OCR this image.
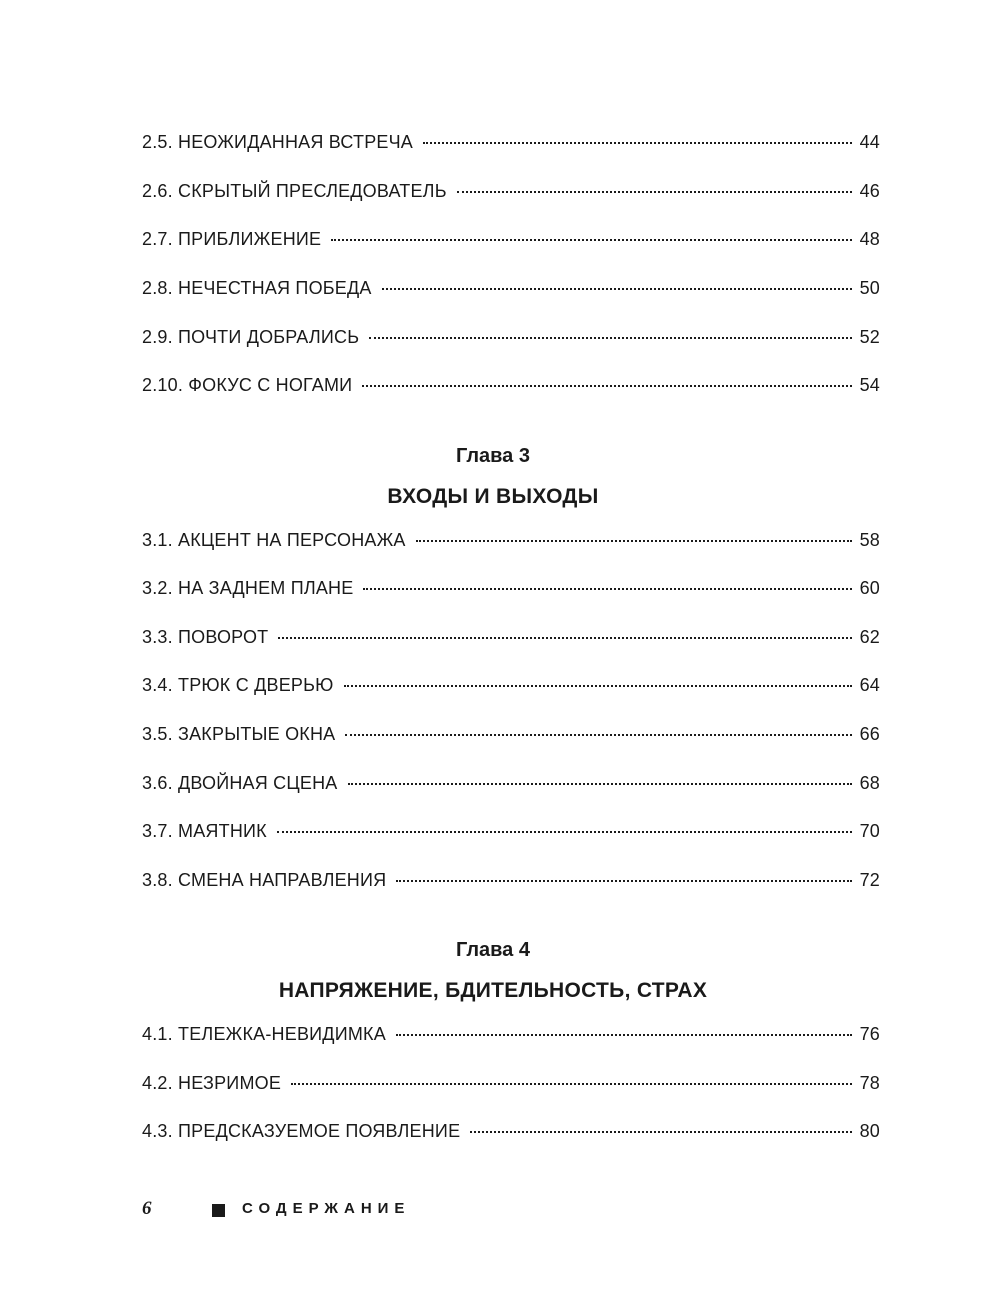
2.5. НЕОЖИДАННАЯ ВСТРЕЧА	44
2.6. СКРЫТЫЙ ПРЕСЛЕДОВАТЕЛЬ	46
2.7. ПРИБЛИЖЕНИЕ	48
2.8. НЕЧЕСТНАЯ ПОБЕДА	50
2.9. ПОЧТИ ДОБРАЛИСЬ	52
2.10. ФОКУС С НОГАМИ	54
Глава 3
ВХОДЫ И ВЫХОДЫ
3.1. АКЦЕНТ НА ПЕРСОНАЖА	58
3.2. НА ЗАДНЕМ ПЛАНЕ	60
3.3. ПОВОРОТ	62
3.4. ТРЮК С ДВЕРЬЮ	64
3.5. ЗАКРЫТЫЕ ОКНА	66
3.6. ДВОЙНАЯ СЦЕНА	68
3.7. МАЯТНИК	70
3.8. СМЕНА НАПРАВЛЕНИЯ	72
Глава 4
НАПРЯЖЕНИЕ, БДИТЕЛЬНОСТЬ, СТРАХ
4.1. ТЕЛЕЖКА-НЕВИДИМКА	76
4.2. НЕЗРИМОЕ	78
4.3. ПРЕДСКАЗУЕМОЕ ПОЯВЛЕНИЕ	80
6	СОДЕРЖАНИЕ
